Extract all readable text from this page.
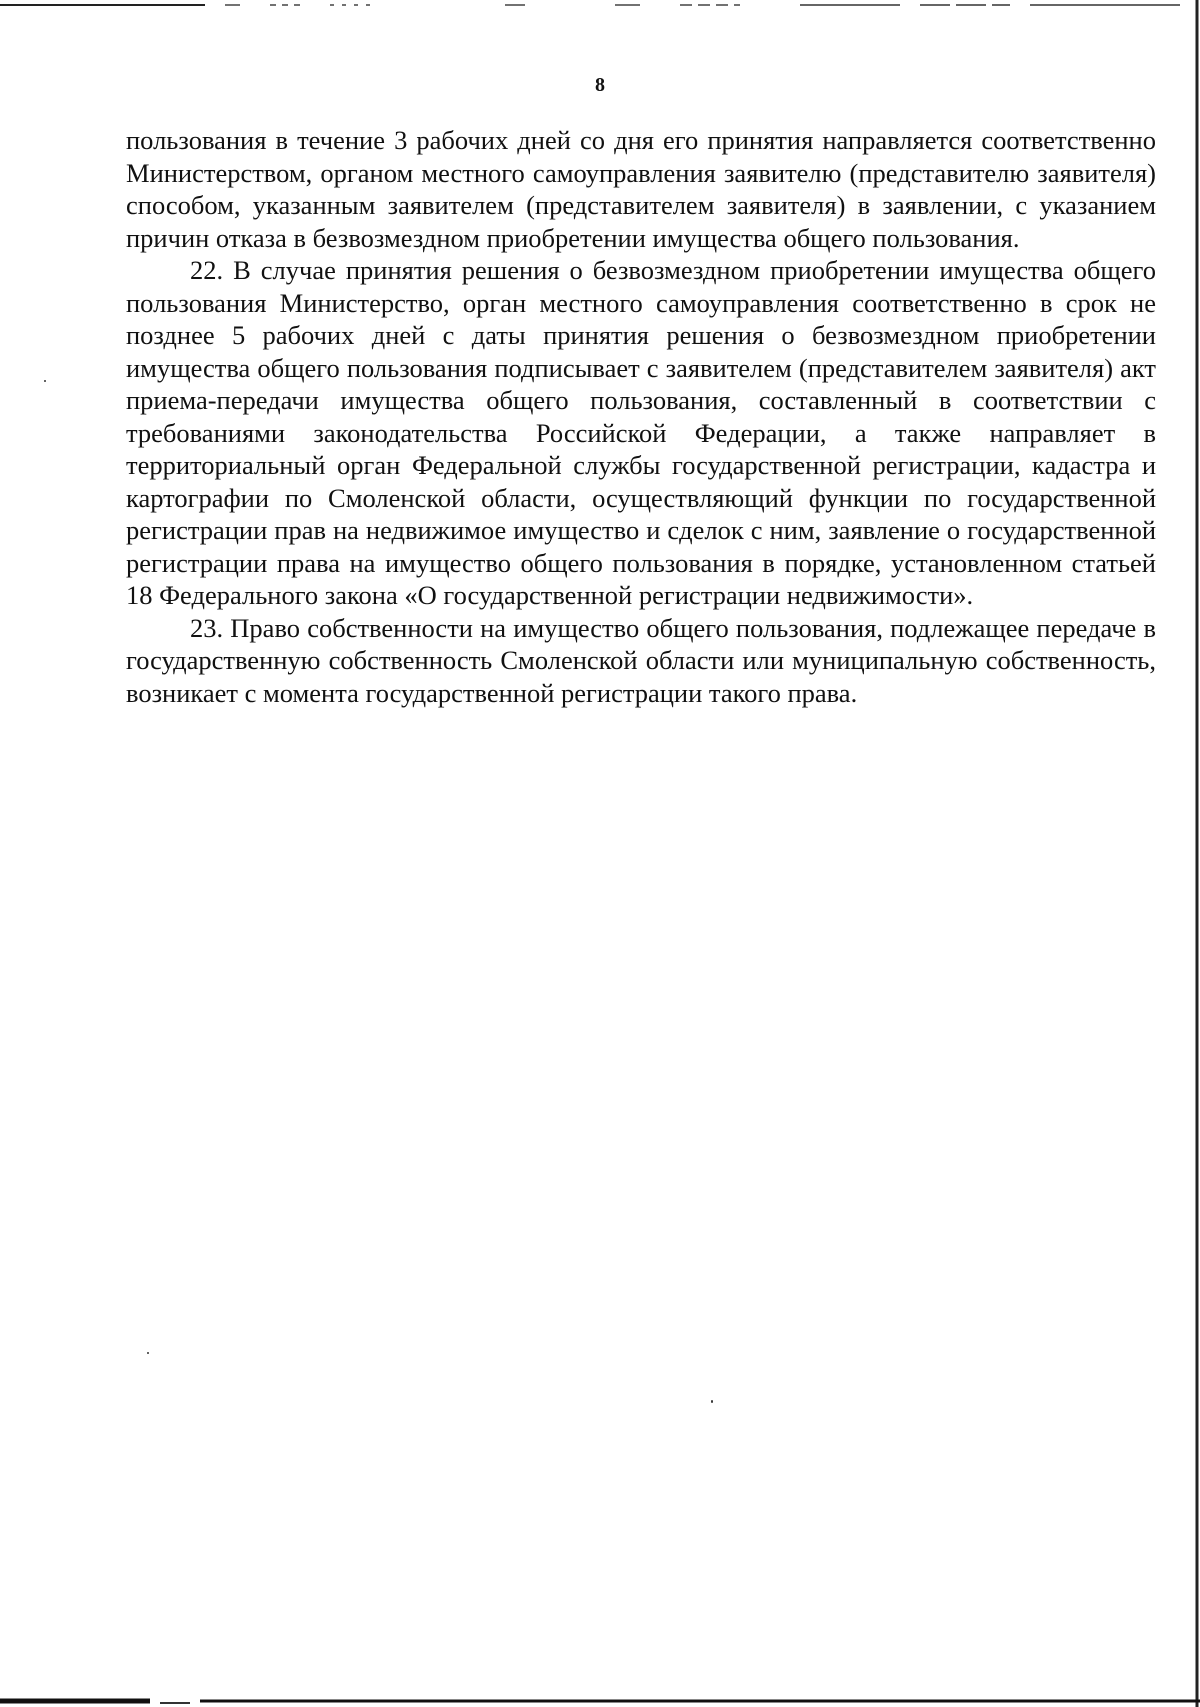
8

пользования в течение 3 рабочих дней со дня его принятия направляется соответственно Министерством, органом местного самоуправления заявителю (представителю заявителя) способом, указанным заявителем (представителем заявителя) в заявлении, с указанием причин отказа в безвозмездном приобретении имущества общего пользования.

22. В случае принятия решения о безвозмездном приобретении имущества общего пользования Министерство, орган местного самоуправления соответственно в срок не позднее 5 рабочих дней с даты принятия решения о безвозмездном приобретении имущества общего пользования подписывает с заявителем (представителем заявителя) акт приема-передачи имущества общего пользования, составленный в соответствии с требованиями законодательства Российской Федерации, а также направляет в территориальный орган Федеральной службы государственной регистрации, кадастра и картографии по Смоленской области, осуществляющий функции по государственной регистрации прав на недвижимое имущество и сделок с ним, заявление о государственной регистрации права на имущество общего пользования в порядке, установленном статьей 18 Федерального закона «О государственной регистрации недвижимости».

23. Право собственности на имущество общего пользования, подлежащее передаче в государственную собственность Смоленской области или муниципальную собственность, возникает с момента государственной регистрации такого права.
